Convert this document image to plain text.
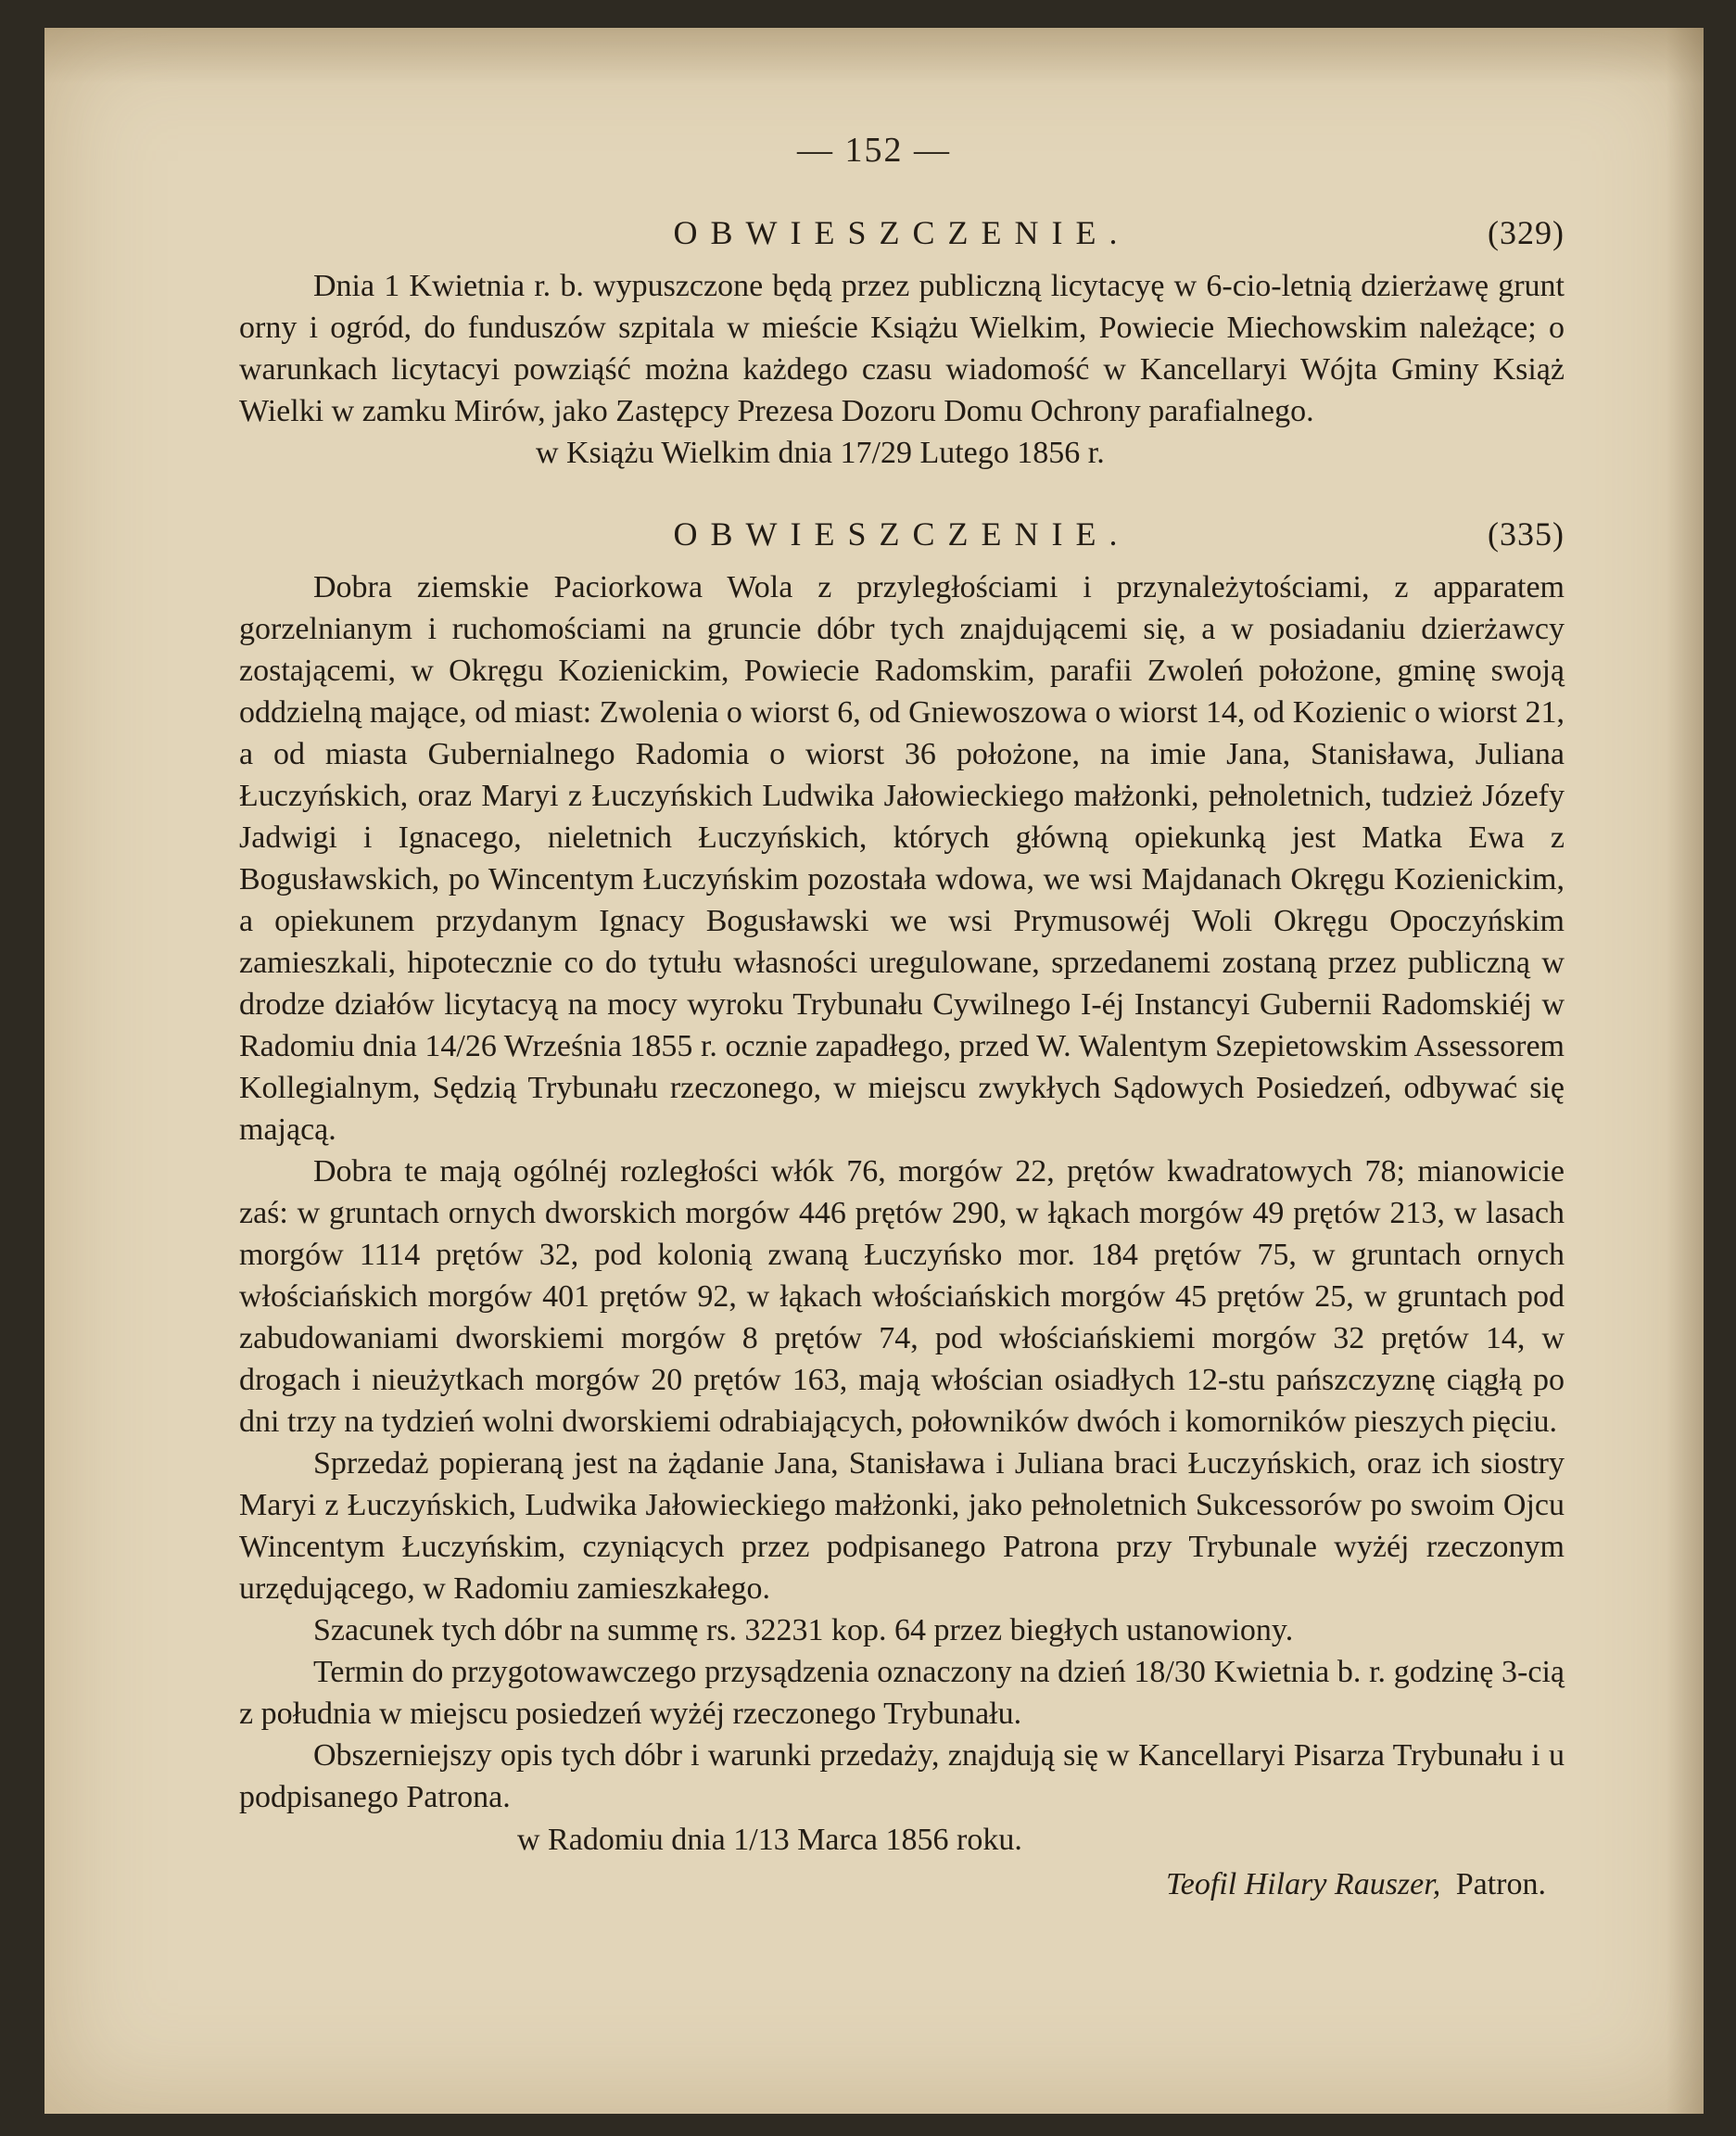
— 152 —
OBWIESZCZENIE.	(329)

Dnia 1 Kwietnia r. b. wypuszczone będą przez publiczną licytacyę w 6-cio-letnią dzierżawę grunt orny i ogród, do funduszów szpitala w mieście Książu Wielkim, Powiecie Miechowskim należące; o warunkach licytacyi powziąść można każdego czasu wiadomość w Kancellaryi Wójta Gminy Książ Wielki w zamku Mirów, jako Zastępcy Prezesa Dozoru Domu Ochrony parafialnego.

w Książu Wielkim dnia 17/29 Lutego 1856 r.
OBWIESZCZENIE.	(335)

Dobra ziemskie Paciorkowa Wola z przyległościami i przynależytościami, z apparatem gorzelnianym i ruchomościami na gruncie dóbr tych znajdującemi się, a w posiadaniu dzierżawcy zostającemi, w Okręgu Kozienickim, Powiecie Radomskim, parafii Zwoleń położone, gminę swoją oddzielną mające, od miast: Zwolenia o wiorst 6, od Gniewoszowa o wiorst 14, od Kozienic o wiorst 21, a od miasta Gubernialnego Radomia o wiorst 36 położone, na imie Jana, Stanisława, Juliana Łuczyńskich, oraz Maryi z Łuczyńskich Ludwika Jałowieckiego małżonki, pełnoletnich, tudzież Józefy Jadwigi i Ignacego, nieletnich Łuczyńskich, których główną opiekunką jest Matka Ewa z Bogusławskich, po Wincentym Łuczyńskim pozostała wdowa, we wsi Majdanach Okręgu Kozienickim, a opiekunem przydanym Ignacy Bogusławski we wsi Prymusowéj Woli Okręgu Opoczyńskim zamieszkali, hipotecznie co do tytułu własności uregulowane, sprzedanemi zostaną przez publiczną w drodze działów licytacyą na mocy wyroku Trybunału Cywilnego I-éj Instancyi Gubernii Radomskiéj w Radomiu dnia 14/26 Września 1855 r. ocznie zapadłego, przed W. Walentym Szepietowskim Assessorem Kollegialnym, Sędzią Trybunału rzeczonego, w miejscu zwykłych Sądowych Posiedzeń, odbywać się mającą.

Dobra te mają ogólnéj rozległości włók 76, morgów 22, prętów kwadratowych 78; mianowicie zaś: w gruntach ornych dworskich morgów 446 prętów 290, w łąkach morgów 49 prętów 213, w lasach morgów 1114 prętów 32, pod kolonią zwaną Łuczyńsko mor. 184 prętów 75, w gruntach ornych włościańskich morgów 401 prętów 92, w łąkach włościańskich morgów 45 prętów 25, w gruntach pod zabudowaniami dworskiemi morgów 8 prętów 74, pod włościańskiemi morgów 32 prętów 14, w drogach i nieużytkach morgów 20 prętów 163, mają włościan osiadłych 12-stu pańszczyznę ciągłą po dni trzy na tydzień wolni dworskiemi odrabiających, połowników dwóch i komorników pieszych pięciu.

Sprzedaż popieraną jest na żądanie Jana, Stanisława i Juliana braci Łuczyńskich, oraz ich siostry Maryi z Łuczyńskich, Ludwika Jałowieckiego małżonki, jako pełnoletnich Sukcessorów po swoim Ojcu Wincentym Łuczyńskim, czyniących przez podpisanego Patrona przy Trybunale wyżéj rzeczonym urzędującego, w Radomiu zamieszkałego.

Szacunek tych dóbr na summę rs. 32231 kop. 64 przez biegłych ustanowiony.

Termin do przygotowawczego przysądzenia oznaczony na dzień 18/30 Kwietnia b. r. godzinę 3-cią z południa w miejscu posiedzeń wyżéj rzeczonego Trybunału.

Obszerniejszy opis tych dóbr i warunki przedaży, znajdują się w Kancellaryi Pisarza Trybunału i u podpisanego Patrona.

w Radomiu dnia 1/13 Marca 1856 roku.
Teofil Hilary Rauszer, Patron.
